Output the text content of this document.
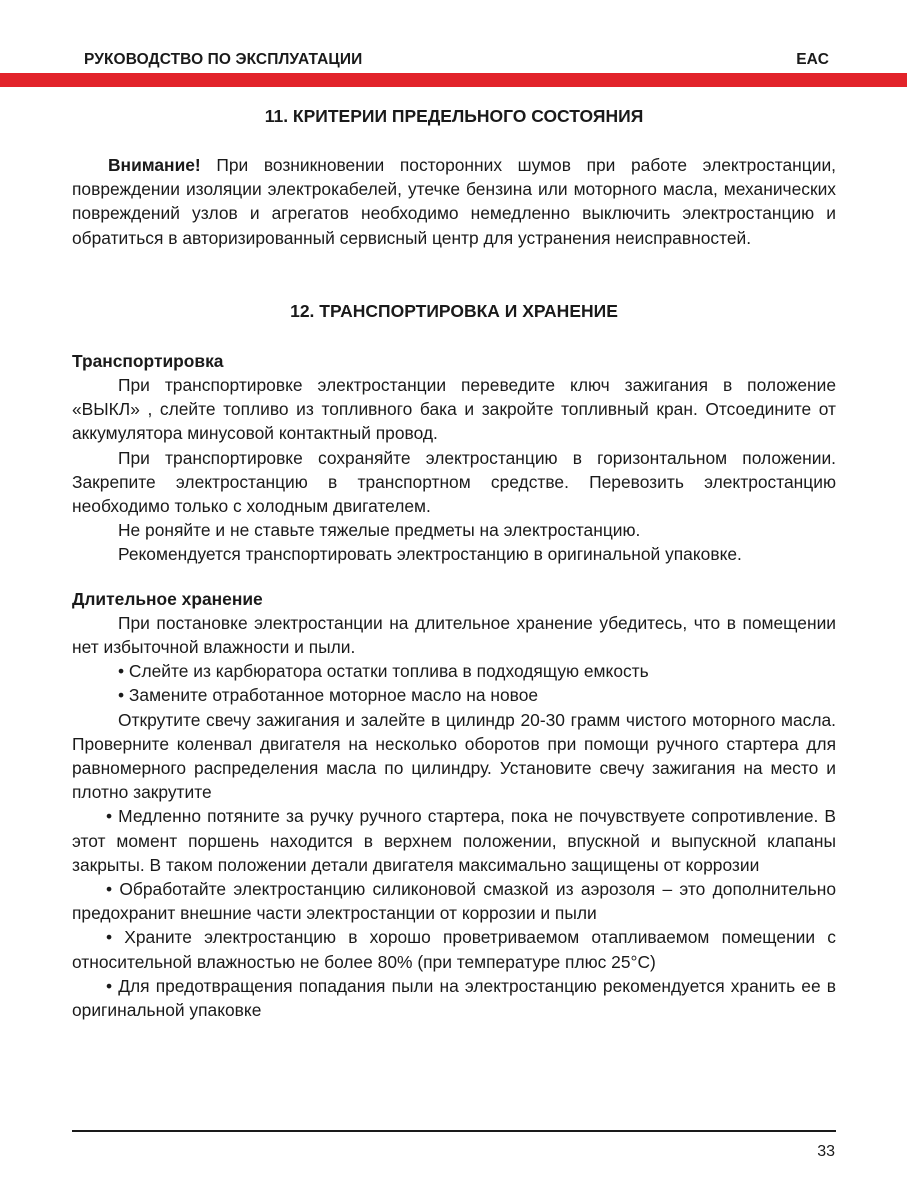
РУКОВОДСТВО ПО ЭКСПЛУАТАЦИИ	EAC
11. КРИТЕРИИ ПРЕДЕЛЬНОГО СОСТОЯНИЯ

Внимание! При возникновении посторонних шумов при работе электростанции, повреждении изоляции электрокабелей, утечке бензина или моторного масла, механических повреждений узлов и агрегатов необходимо немедленно выключить электростанцию и обратиться в авторизированный сервисный центр для устранения неисправностей.

12. ТРАНСПОРТИРОВКА И ХРАНЕНИЕ
Транспортировка

При транспортировке электростанции переведите ключ зажигания в положение «ВЫКЛ» , слейте топливо из топливного бака и закройте топливный кран. Отсоедините от аккумулятора минусовой контактный провод.

При транспортировке сохраняйте электростанцию в горизонтальном положении. Закрепите электростанцию в транспортном средстве. Перевозить электростанцию необходимо только с холодным двигателем.

Не роняйте и не ставьте тяжелые предметы на электростанцию.

Рекомендуется транспортировать электростанцию в оригинальной упаковке.

Длительное хранение

При постановке электростанции на длительное хранение убедитесь, что в помещении нет избыточной влажности и пыли.

• Слейте из карбюратора остатки топлива в подходящую емкость

• Замените отработанное моторное масло на новое

Открутите свечу зажигания и залейте в цилиндр 20-30 грамм чистого моторного масла. Проверните коленвал двигателя на несколько оборотов при помощи ручного стартера для равномерного распределения масла по цилиндру. Установите свечу зажигания на место и плотно закрутите

• Медленно потяните за ручку ручного стартера, пока не почувствуете сопротивление. В этот момент поршень находится в верхнем положении, впускной и выпускной клапаны закрыты. В таком положении детали двигателя максимально защищены от коррозии

• Обработайте электростанцию силиконовой смазкой из аэрозоля – это дополнительно предохранит внешние части электростанции от коррозии и пыли

• Храните электростанцию в хорошо проветриваемом отапливаемом помещении с относительной влажностью не более 80% (при температуре плюс 25°С)

• Для предотвращения попадания пыли на электростанцию рекомендуется хранить ее в оригинальной упаковке

33
